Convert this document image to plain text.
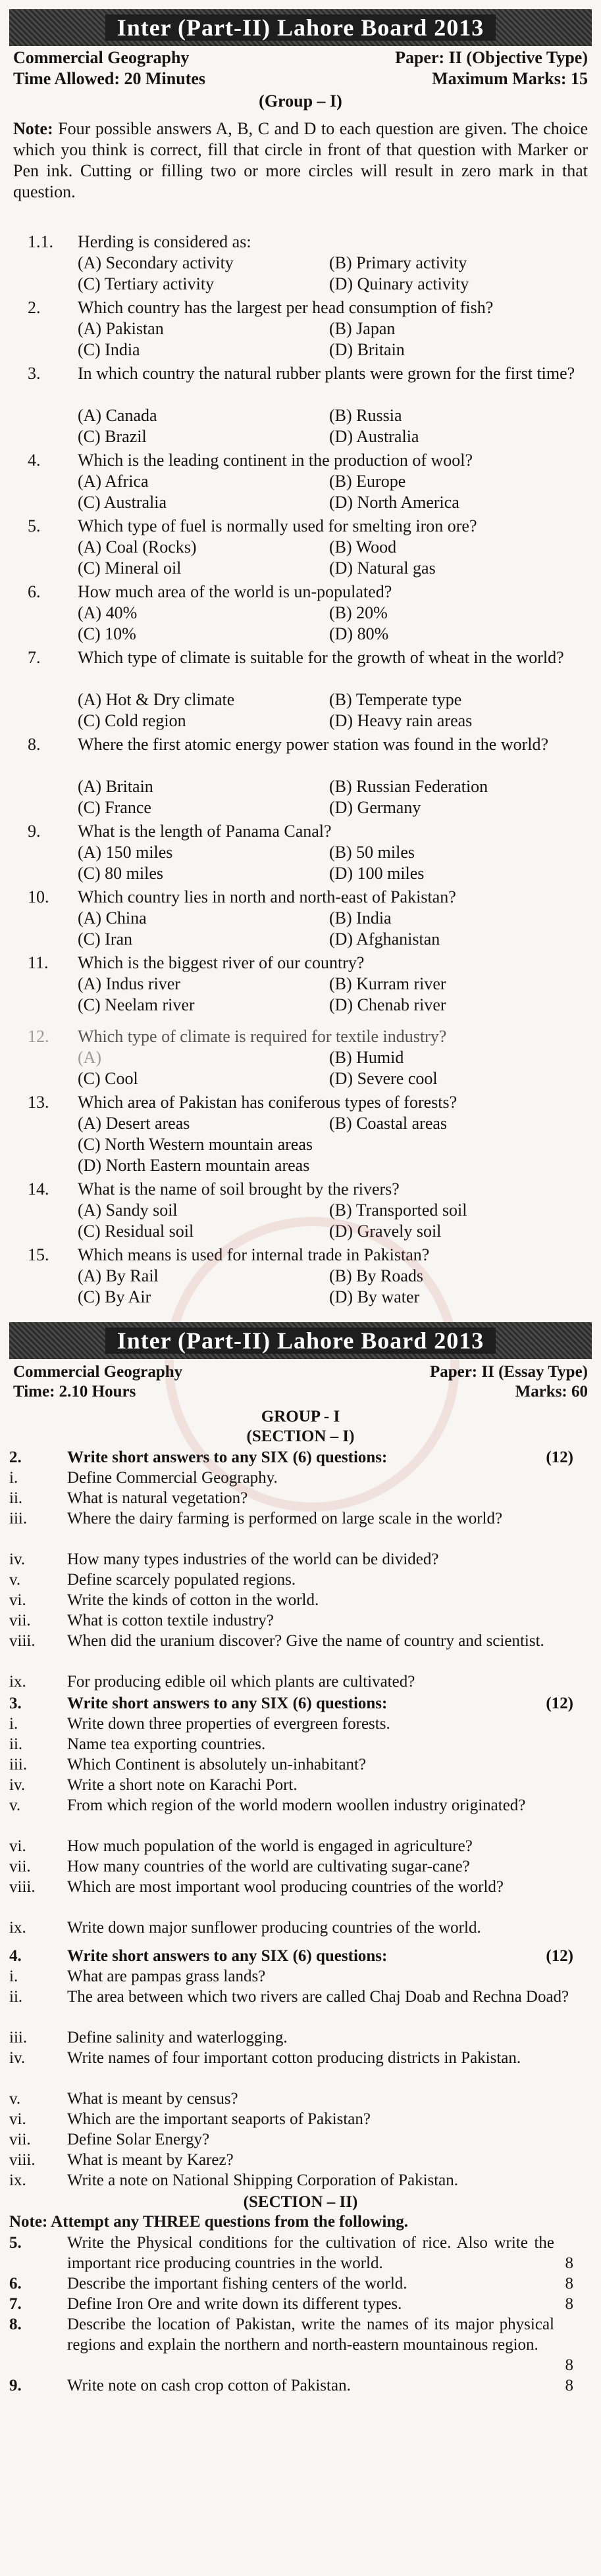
Inter (Part-II) Lahore Board 2013
Commercial Geography	Paper: II (Objective Type)
Time Allowed: 20 Minutes	Maximum Marks: 15
(Group – I)
Note: Four possible answers A, B, C and D to each question are given. The choice which you think is correct, fill that circle in front of that question with Marker or Pen ink. Cutting or filling two or more circles will result in zero mark in that question.
1.1. Herding is considered as:
(A) Secondary activity	(B) Primary activity
(C) Tertiary activity	(D) Quinary activity
2. Which country has the largest per head consumption of fish?
(A) Pakistan	(B) Japan
(C) India	(D) Britain
3. In which country the natural rubber plants were grown for the first time?
(A) Canada	(B) Russia
(C) Brazil	(D) Australia
4. Which is the leading continent in the production of wool?
(A) Africa	(B) Europe
(C) Australia	(D) North America
5. Which type of fuel is normally used for smelting iron ore?
(A) Coal (Rocks)	(B) Wood
(C) Mineral oil	(D) Natural gas
6. How much area of the world is un-populated?
(A) 40%	(B) 20%
(C) 10%	(D) 80%
7. Which type of climate is suitable for the growth of wheat in the world?
(A) Hot & Dry climate	(B) Temperate type
(C) Cold region	(D) Heavy rain areas
8. Where the first atomic energy power station was found in the world?
(A) Britain	(B) Russian Federation
(C) France	(D) Germany
9. What is the length of Panama Canal?
(A) 150 miles	(B) 50 miles
(C) 80 miles	(D) 100 miles
10. Which country lies in north and north-east of Pakistan?
(A) China	(B) India
(C) Iran	(D) Afghanistan
11. Which is the biggest river of our country?
(A) Indus river	(B) Kurram river
(C) Neelam river	(D) Chenab river
12. Which type of climate is required for textile industry?
(A)	(B) Humid
(C) Cool	(D) Severe cool
13. Which area of Pakistan has coniferous types of forests?
(A) Desert areas	(B) Coastal areas
(C) North Western mountain areas
(D) North Eastern mountain areas
14. What is the name of soil brought by the rivers?
(A) Sandy soil	(B) Transported soil
(C) Residual soil	(D) Gravely soil
15. Which means is used for internal trade in Pakistan?
(A) By Rail	(B) By Roads
(C) By Air	(D) By water
Inter (Part-II) Lahore Board 2013
Commercial Geography	Paper: II (Essay Type)
Time: 2.10 Hours	Marks: 60
GROUP - I
(SECTION – I)
2.	Write short answers to any SIX (6) questions:	(12)
i.	Define Commercial Geography.
ii.	What is natural vegetation?
iii. Where the dairy farming is performed on large scale in the world?
iv.	How many types industries of the world can be divided?
v.	Define scarcely populated regions.
vi. Write the kinds of cotton in the world.
vii. What is cotton textile industry?
viii. When did the uranium discover? Give the name of country and scientist.
ix. For producing edible oil which plants are cultivated?
3.	Write short answers to any SIX (6) questions:	(12)
i.	Write down three properties of evergreen forests.
ii.	Name tea exporting countries.
iii. Which Continent is absolutely un-inhabitant?
iv.	Write a short note on Karachi Port.
v.	From which region of the world modern woollen industry originated?
vi. How much population of the world is engaged in agriculture?
vii. How many countries of the world are cultivating sugar-cane?
viii. Which are most important wool producing countries of the world?
ix. Write down major sunflower producing countries of the world.
4.	Write short answers to any SIX (6) questions:	(12)
i.	What are pampas grass lands?
ii.	The area between which two rivers are called Chaj Doab and Rechna Doad?
iii. Define salinity and waterlogging.
iv.	Write names of four important cotton producing districts in Pakistan.
v.	What is meant by census?
vi. Which are the important seaports of Pakistan?
vii. Define Solar Energy?
viii. What is meant by Karez?
ix. Write a note on National Shipping Corporation of Pakistan.
(SECTION – II)
Note: Attempt any THREE questions from the following.
5.	Write the Physical conditions for the cultivation of rice. Also write the important rice producing countries in the world.	8
6.	Describe the important fishing centers of the world.	8
7.	Define Iron Ore and write down its different types.	8
8.	Describe the location of Pakistan, write the names of its major physical regions and explain the northern and north-eastern mountainous region.
8
9.	Write note on cash crop cotton of Pakistan.	8
